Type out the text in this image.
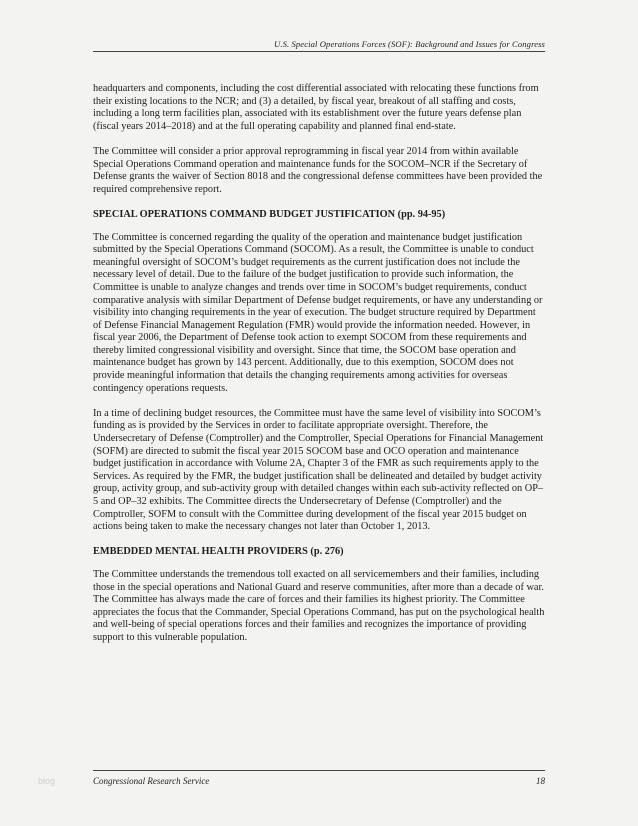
U.S. Special Operations Forces (SOF): Background and Issues for Congress

headquarters and components, including the cost differential associated with relocating these functions from their existing locations to the NCR; and (3) a detailed, by fiscal year, breakout of all staffing and costs, including a long term facilities plan, associated with its establishment over the future years defense plan (fiscal years 2014–2018) and at the full operating capability and planned final end-state.

The Committee will consider a prior approval reprogramming in fiscal year 2014 from within available Special Operations Command operation and maintenance funds for the SOCOM–NCR if the Secretary of Defense grants the waiver of Section 8018 and the congressional defense committees have been provided the required comprehensive report.

SPECIAL OPERATIONS COMMAND BUDGET JUSTIFICATION (pp. 94-95)

The Committee is concerned regarding the quality of the operation and maintenance budget justification submitted by the Special Operations Command (SOCOM). As a result, the Committee is unable to conduct meaningful oversight of SOCOM’s budget requirements as the current justification does not include the necessary level of detail. Due to the failure of the budget justification to provide such information, the Committee is unable to analyze changes and trends over time in SOCOM’s budget requirements, conduct comparative analysis with similar Department of Defense budget requirements, or have any understanding or visibility into changing requirements in the year of execution. The budget structure required by Department of Defense Financial Management Regulation (FMR) would provide the information needed. However, in fiscal year 2006, the Department of Defense took action to exempt SOCOM from these requirements and thereby limited congressional visibility and oversight. Since that time, the SOCOM base operation and maintenance budget has grown by 143 percent. Additionally, due to this exemption, SOCOM does not provide meaningful information that details the changing requirements among activities for overseas contingency operations requests.

In a time of declining budget resources, the Committee must have the same level of visibility into SOCOM’s funding as is provided by the Services in order to facilitate appropriate oversight. Therefore, the Undersecretary of Defense (Comptroller) and the Comptroller, Special Operations for Financial Management (SOFM) are directed to submit the fiscal year 2015 SOCOM base and OCO operation and maintenance budget justification in accordance with Volume 2A, Chapter 3 of the FMR as such requirements apply to the Services. As required by the FMR, the budget justification shall be delineated and detailed by budget activity group, activity group, and sub-activity group with detailed changes within each sub-activity reflected on OP–5 and OP–32 exhibits. The Committee directs the Undersecretary of Defense (Comptroller) and the Comptroller, SOFM to consult with the Committee during development of the fiscal year 2015 budget on actions being taken to make the necessary changes not later than October 1, 2013.

EMBEDDED MENTAL HEALTH PROVIDERS (p. 276)

The Committee understands the tremendous toll exacted on all servicemembers and their families, including those in the special operations and National Guard and reserve communities, after more than a decade of war. The Committee has always made the care of forces and their families its highest priority. The Committee appreciates the focus that the Commander, Special Operations Command, has put on the psychological health and well-being of special operations forces and their families and recognizes the importance of providing support to this vulnerable population.

blog	Congressional Research Service	18
